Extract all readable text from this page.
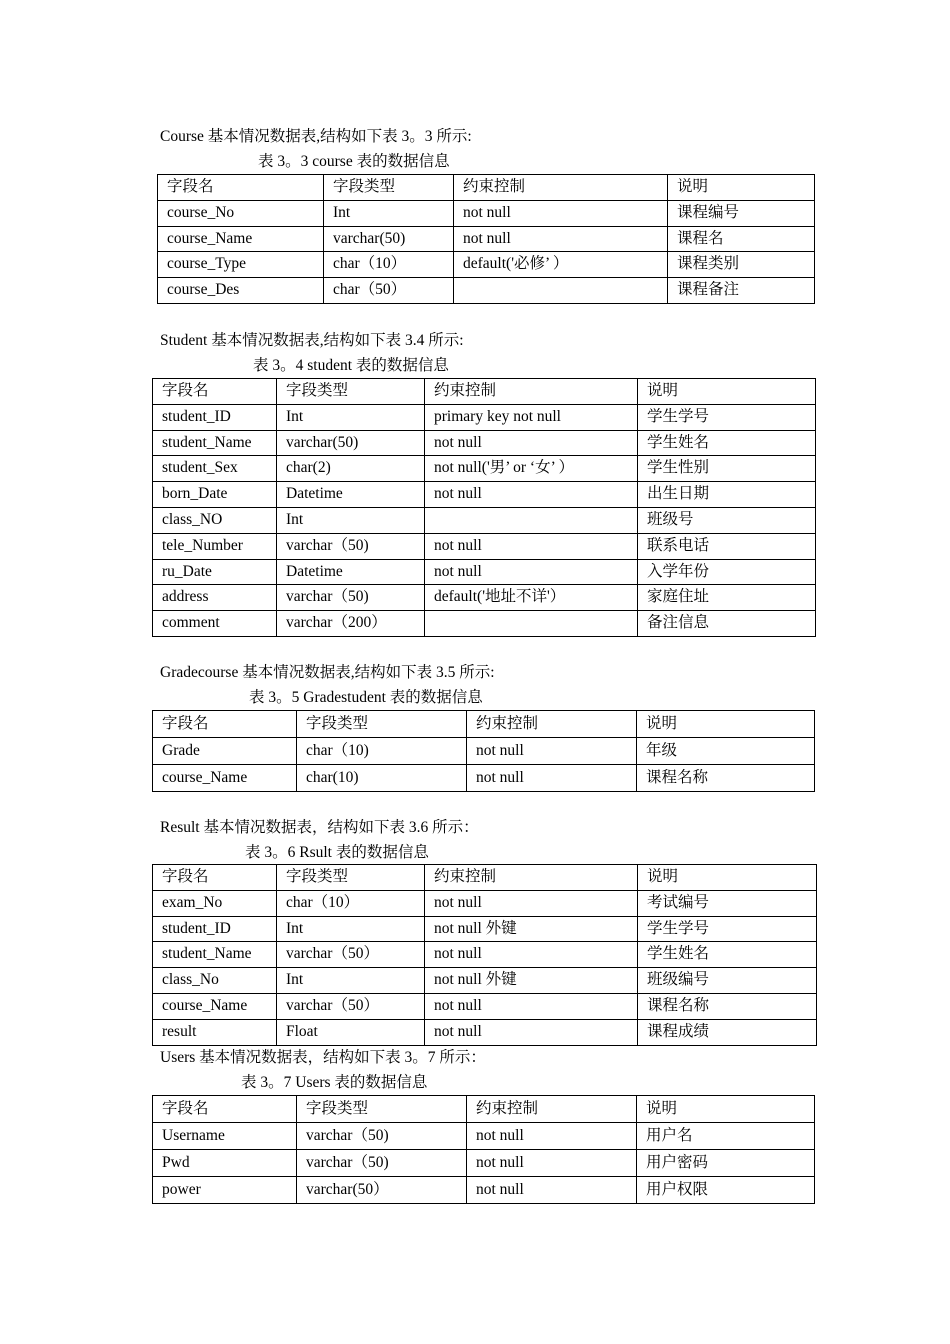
Course 基本情况数据表,结构如下表 3。3 所示:
表 3。3 course 表的数据信息
字段名	字段类型	约束控制	说明
course_No	Int	not null	课程编号
course_Name	varchar(50)	not null	课程名
course_Type	char（10）	default('必修’ ）	课程类别
course_Des	char（50）		课程备注
Student 基本情况数据表,结构如下表 3.4 所示:
表 3。4 student 表的数据信息
字段名	字段类型	约束控制	说明
student_ID	Int	primary key not null	学生学号
student_Name	varchar(50)	not null	学生姓名
student_Sex	char(2)	not null('男’ or ‘女’ ）	学生性别
born_Date	Datetime	not null	出生日期
class_NO	Int		班级号
tele_Number	varchar（50)	not null	联系电话
ru_Date	Datetime	not null	入学年份
address	varchar（50)	default('地址不详'）	家庭住址
comment	varchar（200）		备注信息
Gradecourse 基本情况数据表,结构如下表 3.5 所示:
表 3。5 Gradestudent 表的数据信息
字段名	字段类型	约束控制	说明
Grade	char（10)	not null	年级
course_Name	char(10)	not null	课程名称
Result 基本情况数据表，结构如下表 3.6 所示：
表 3。6 Rsult 表的数据信息
字段名	字段类型	约束控制	说明
exam_No	char（10）	not null	考试编号
student_ID	Int	not null 外键	学生学号
student_Name	varchar（50）	not null	学生姓名
class_No	Int	not null 外键	班级编号
course_Name	varchar（50）	not null	课程名称
result	Float	not null	课程成绩
Users 基本情况数据表，结构如下表 3。7 所示：
表 3。7 Users 表的数据信息
字段名	字段类型	约束控制	说明
Username	varchar（50)	not null	用户名
Pwd	varchar（50)	not null	用户密码
power	varchar(50）	not null	用户权限
